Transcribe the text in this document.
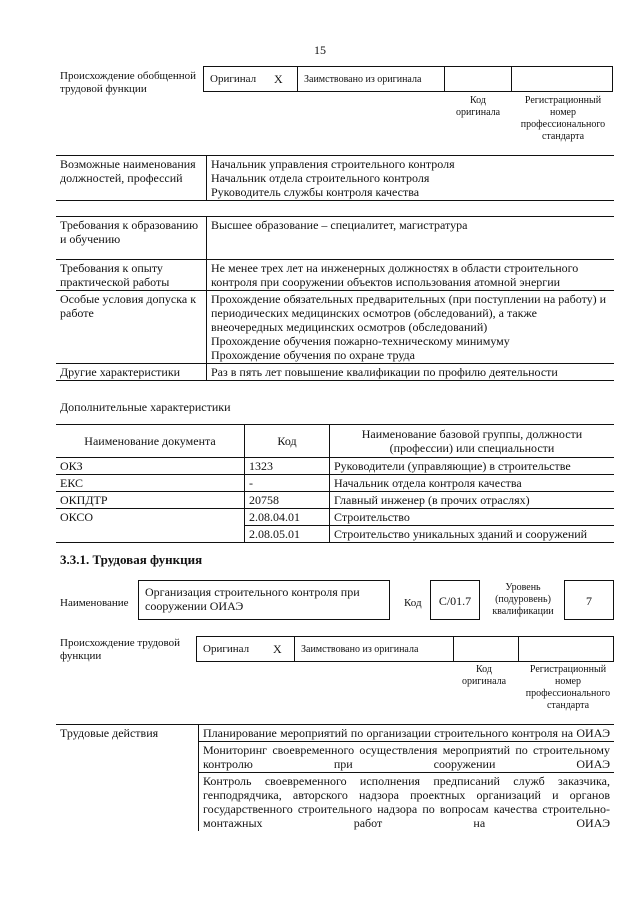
15
Происхождение обобщенной трудовой функции
Оригинал X Заимствовано из оригинала
Код оригинала
Регистрационный номер профессионального стандарта
Возможные наименования должностей, профессий	
Начальник управления строительного контроля
Начальник отдела строительного контроля
Руководитель службы контроля качества
Требования к образованию и обучению	Высшее образование – специалитет, магистратура
Требования к опыту практической работы	Не менее трех лет на инженерных должностях в области строительного контроля при сооружении объектов использования атомной энергии
Особые условия допуска к работе	Прохождение обязательных предварительных (при поступлении на работу) и периодических медицинских осмотров (обследований), а также внеочередных медицинских осмотров (обследований)
Прохождение обучения пожарно-техническому минимуму
Прохождение обучения по охране труда

Другие характеристики	Раз в пять лет повышение квалификации по профилю деятельности
Дополнительные характеристики
Наименование документа	Код	Наименование базовой группы, должности (профессии) или специальности
ОКЗ	1323	Руководители (управляющие) в строительстве
ЕКС	-	Начальник отдела контроля качества
ОКПДТР	20758	Главный инженер (в прочих отраслях)
ОКСО	2.08.04.01	Строительство
	2.08.05.01	Строительство уникальных зданий и сооружений
3.3.1. Трудовая функция
Наименование
Организация строительного контроля при сооружении ОИАЭ	Код	C/01.7
Уровень (подуровень) квалификации
7
Происхождение трудовой функции
Оригинал X Заимствовано из оригинала
Код оригинала
Регистрационный номер профессионального стандарта
Трудовые действия	Планирование мероприятий по организации строительного контроля на ОИАЭ
Мониторинг своевременного осуществления мероприятий по строительному контролю при сооружении ОИАЭ
Контроль своевременного исполнения предписаний служб заказчика, генподрядчика, авторского надзора проектных организаций и органов государственного строительного надзора по вопросам качества строительно-монтажных работ на ОИАЭ
